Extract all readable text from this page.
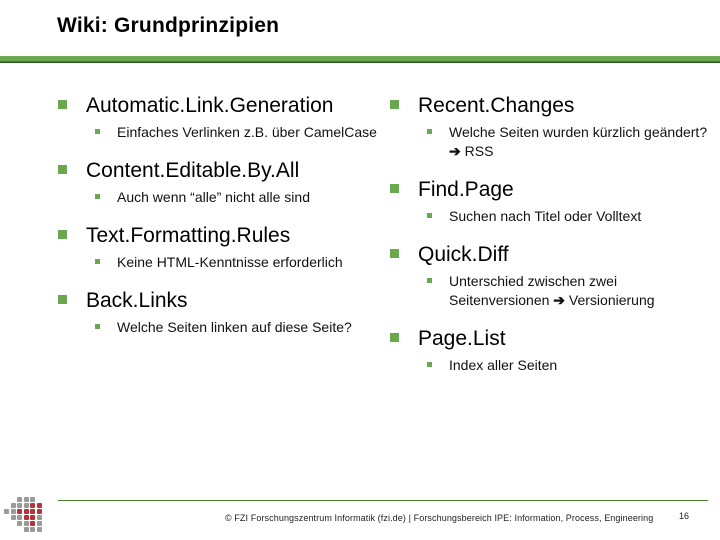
Wiki: Grundprinzipien
Automatic.Link.Generation
Einfaches Verlinken z.B. über CamelCase
Content.Editable.By.All
Auch wenn “alle” nicht alle sind
Text.Formatting.Rules
Keine HTML-Kenntnisse erforderlich
Back.Links
Welche Seiten linken auf diese Seite?
Recent.Changes
Welche Seiten wurden kürzlich geändert? ➔ RSS
Find.Page
Suchen nach Titel oder Volltext
Quick.Diff
Unterschied zwischen zwei Seitenversionen ➔ Versionierung
Page.List
Index aller Seiten
© FZI Forschungszentrum Informatik (fzi.de) | Forschungsbereich IPE: Information, Process, Engineering	16
